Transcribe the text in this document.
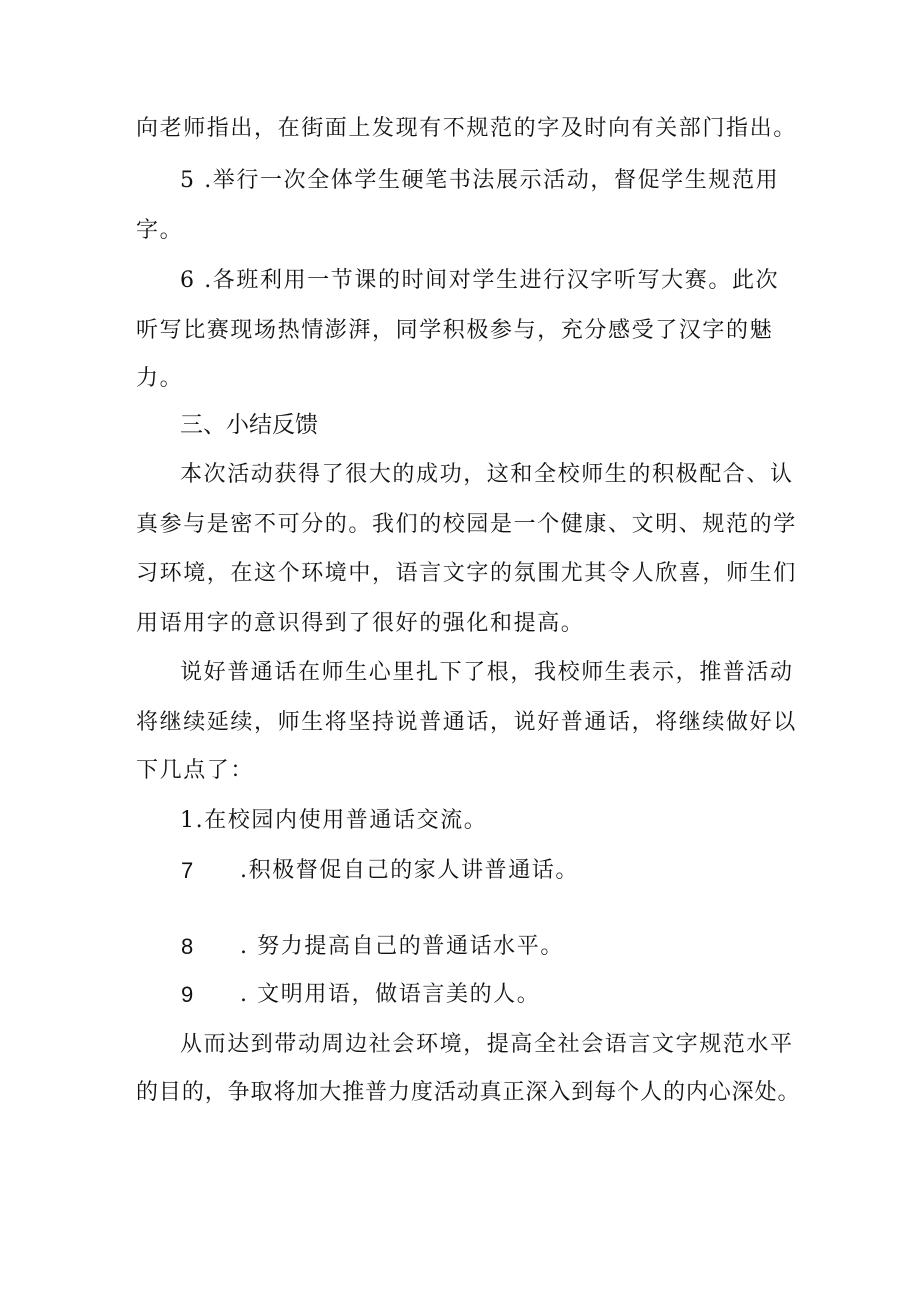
向老师指出，在街面上发现有不规范的字及时向有关部门指出。

5 .举行一次全体学生硬笔书法展示活动，督促学生规范用

字。

6 .各班利用一节课的时间对学生进行汉字听写大赛。此次

听写比赛现场热情澎湃，同学积极参与，充分感受了汉字的魅

力。

三、小结反馈

本次活动获得了很大的成功，这和全校师生的积极配合、认

真参与是密不可分的。我们的校园是一个健康、文明、规范的学

习环境，在这个环境中，语言文字的氛围尤其令人欣喜，师生们

用语用字的意识得到了很好的强化和提高。

说好普通话在师生心里扎下了根，我校师生表示，推普活动

将继续延续，师生将坚持说普通话，说好普通话，将继续做好以

下几点了：

1.在校园内使用普通话交流。

7 .积极督促自己的家人讲普通话。

8 . 努力提高自己的普通话水平。

9 . 文明用语，做语言美的人。

从而达到带动周边社会环境，提高全社会语言文字规范水平

的目的，争取将加大推普力度活动真正深入到每个人的内心深处。
